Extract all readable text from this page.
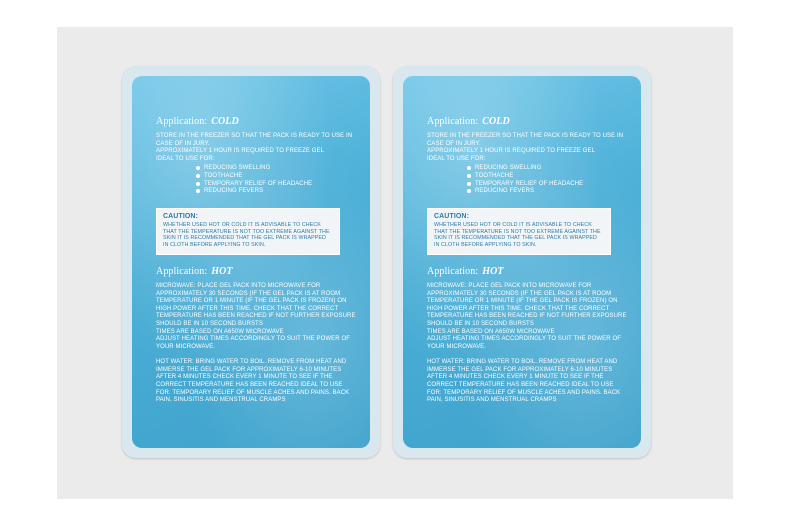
Application: COLD

STORE IN THE FREEZER SO THAT THE PACK IS READY TO USE IN CASE OF IN JURY.

APPROXIMATELY 1 HOUR IS REQUIRED TO FREEZE GEL

IDEAL TO USE FOR:

REDUCING SWELLING
TOOTHACHE
TEMPORARY RELIEF OF HEADACHE
REDUCING FEVERS
CAUTION:
WHETHER USED HOT OR COLD IT IS ADVISABLE TO CHECK THAT THE TEMPERATURE IS NOT TOO EXTREME AGAINST THE SKIN IT IS RECOMMENDED THAT THE GEL PACK IS WRAPPED IN CLOTH BEFORE APPLYING TO SKIN.
Application: HOT

MICROWAVE: PLACE GEL PACK INTO MICROWAVE FOR APPROXIMATELY 30 SECONDS (IF THE GEL PACK IS AT ROOM TEMPERATURE OR 1 MINUTE (IF THE GEL PACK IS FROZEN) ON HIGH POWER AFTER THIS TIME. CHECK THAT THE CORRECT TEMPERATURE HAS BEEN REACHED IF NOT FURTHER EXPOSURE SHOULD BE IN 10 SECOND BURSTS

TIMES ARE BASED ON A650W MICROWAVE

ADJUST HEATING TIMES ACCORDINGLY TO SUIT THE POWER OF YOUR MICROWAVE.

HOT WATER: BRING WATER TO BOIL. REMOVE FROM HEAT AND IMMERSE THE GEL PACK FOR APPROXIMATELY 6-10 MINUTES AFTER 4 MINUTES CHECK EVERY 1 MINUTE TO SEE IF THE CORRECT TEMPERATURE HAS BEEN REACHED IDEAL TO USE FOR: TEMPORARY RELIEF OF MUSCLE ACHES AND PAINS. BACK PAIN, SINUSITIS AND MENSTRUAL CRAMPS

Application: COLD

STORE IN THE FREEZER SO THAT THE PACK IS READY TO USE IN CASE OF IN JURY.

APPROXIMATELY 1 HOUR IS REQUIRED TO FREEZE GEL

IDEAL TO USE FOR:

REDUCING SWELLING
TOOTHACHE
TEMPORARY RELIEF OF HEADACHE
REDUCING FEVERS
CAUTION:
WHETHER USED HOT OR COLD IT IS ADVISABLE TO CHECK THAT THE TEMPERATURE IS NOT TOO EXTREME AGAINST THE SKIN IT IS RECOMMENDED THAT THE GEL PACK IS WRAPPED IN CLOTH BEFORE APPLYING TO SKIN.
Application: HOT

MICROWAVE: PLACE GEL PACK INTO MICROWAVE FOR APPROXIMATELY 30 SECONDS (IF THE GEL PACK IS AT ROOM TEMPERATURE OR 1 MINUTE (IF THE GEL PACK IS FROZEN) ON HIGH POWER AFTER THIS TIME. CHECK THAT THE CORRECT TEMPERATURE HAS BEEN REACHED IF NOT FURTHER EXPOSURE SHOULD BE IN 10 SECOND BURSTS

TIMES ARE BASED ON A650W MICROWAVE

ADJUST HEATING TIMES ACCORDINGLY TO SUIT THE POWER OF YOUR MICROWAVE.

HOT WATER: BRING WATER TO BOIL. REMOVE FROM HEAT AND IMMERSE THE GEL PACK FOR APPROXIMATELY 6-10 MINUTES AFTER 4 MINUTES CHECK EVERY 1 MINUTE TO SEE IF THE CORRECT TEMPERATURE HAS BEEN REACHED IDEAL TO USE FOR: TEMPORARY RELIEF OF MUSCLE ACHES AND PAINS. BACK PAIN, SINUSITIS AND MENSTRUAL CRAMPS
